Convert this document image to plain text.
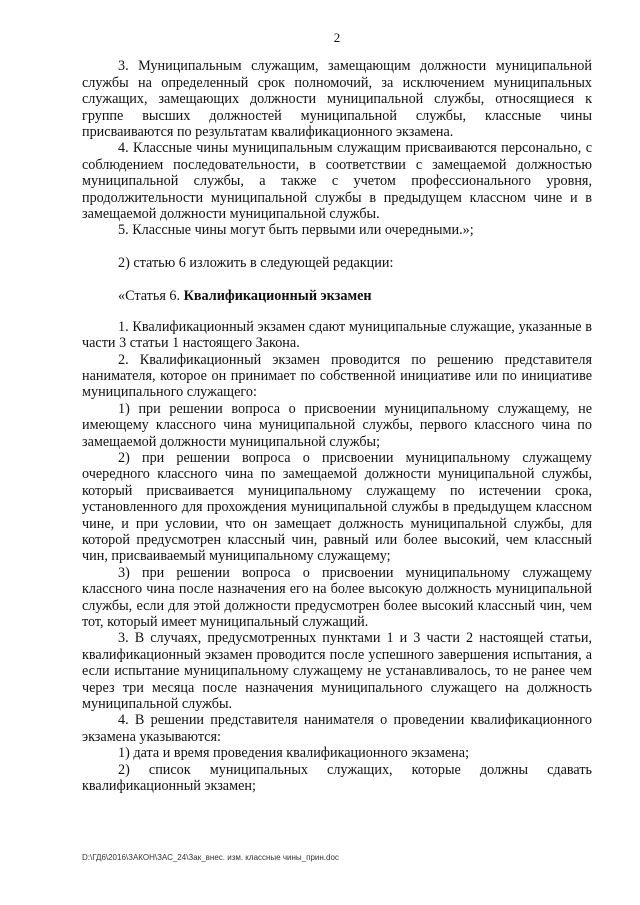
2

3. Муниципальным служащим, замещающим должности муниципальной службы на определенный срок полномочий, за исключением муниципальных служащих, замещающих должности муниципальной службы, относящиеся к группе высших должностей муниципальной службы, классные чины присваиваются по результатам квалификационного экзамена.

4. Классные чины муниципальным служащим присваиваются персонально, с соблюдением последовательности, в соответствии с замещаемой должностью муниципальной службы, а также с учетом профессионального уровня, продолжительности муниципальной службы в предыдущем классном чине и в замещаемой должности муниципальной службы.

5. Классные чины могут быть первыми или очередными.»;

2) статью 6 изложить в следующей редакции:

«Статья 6. Квалификационный экзамен

1. Квалификационный экзамен сдают муниципальные служащие, указанные в части 3 статьи 1 настоящего Закона.

2. Квалификационный экзамен проводится по решению представителя нанимателя, которое он принимает по собственной инициативе или по инициативе муниципального служащего:

1) при решении вопроса о присвоении муниципальному служащему, не имеющему классного чина муниципальной службы, первого классного чина по замещаемой должности муниципальной службы;

2) при решении вопроса о присвоении муниципальному служащему очередного классного чина по замещаемой должности муниципальной службы, который присваивается муниципальному служащему по истечении срока, установленного для прохождения муниципальной службы в предыдущем классном чине, и при условии, что он замещает должность муниципальной службы, для которой предусмотрен классный чин, равный или более высокий, чем классный чин, присваиваемый муниципальному служащему;

3) при решении вопроса о присвоении муниципальному служащему классного чина после назначения его на более высокую должность муниципальной службы, если для этой должности предусмотрен более высокий классный чин, чем тот, который имеет муниципальный служащий.

3. В случаях, предусмотренных пунктами 1 и 3 части 2 настоящей статьи, квалификационный экзамен проводится после успешного завершения испытания, а если испытание муниципальному служащему не устанавливалось, то не ранее чем через три месяца после назначения муниципального служащего на должность муниципальной службы.

4. В решении представителя нанимателя о проведении квалификационного экзамена указываются:

1) дата и время проведения квалификационного экзамена;

2) список муниципальных служащих, которые должны сдавать квалификационный экзамен;

D:\ГД6\2016\ЗАКОН\ЗАС_24\Зак_внес. изм. классные чины_прин.doc
